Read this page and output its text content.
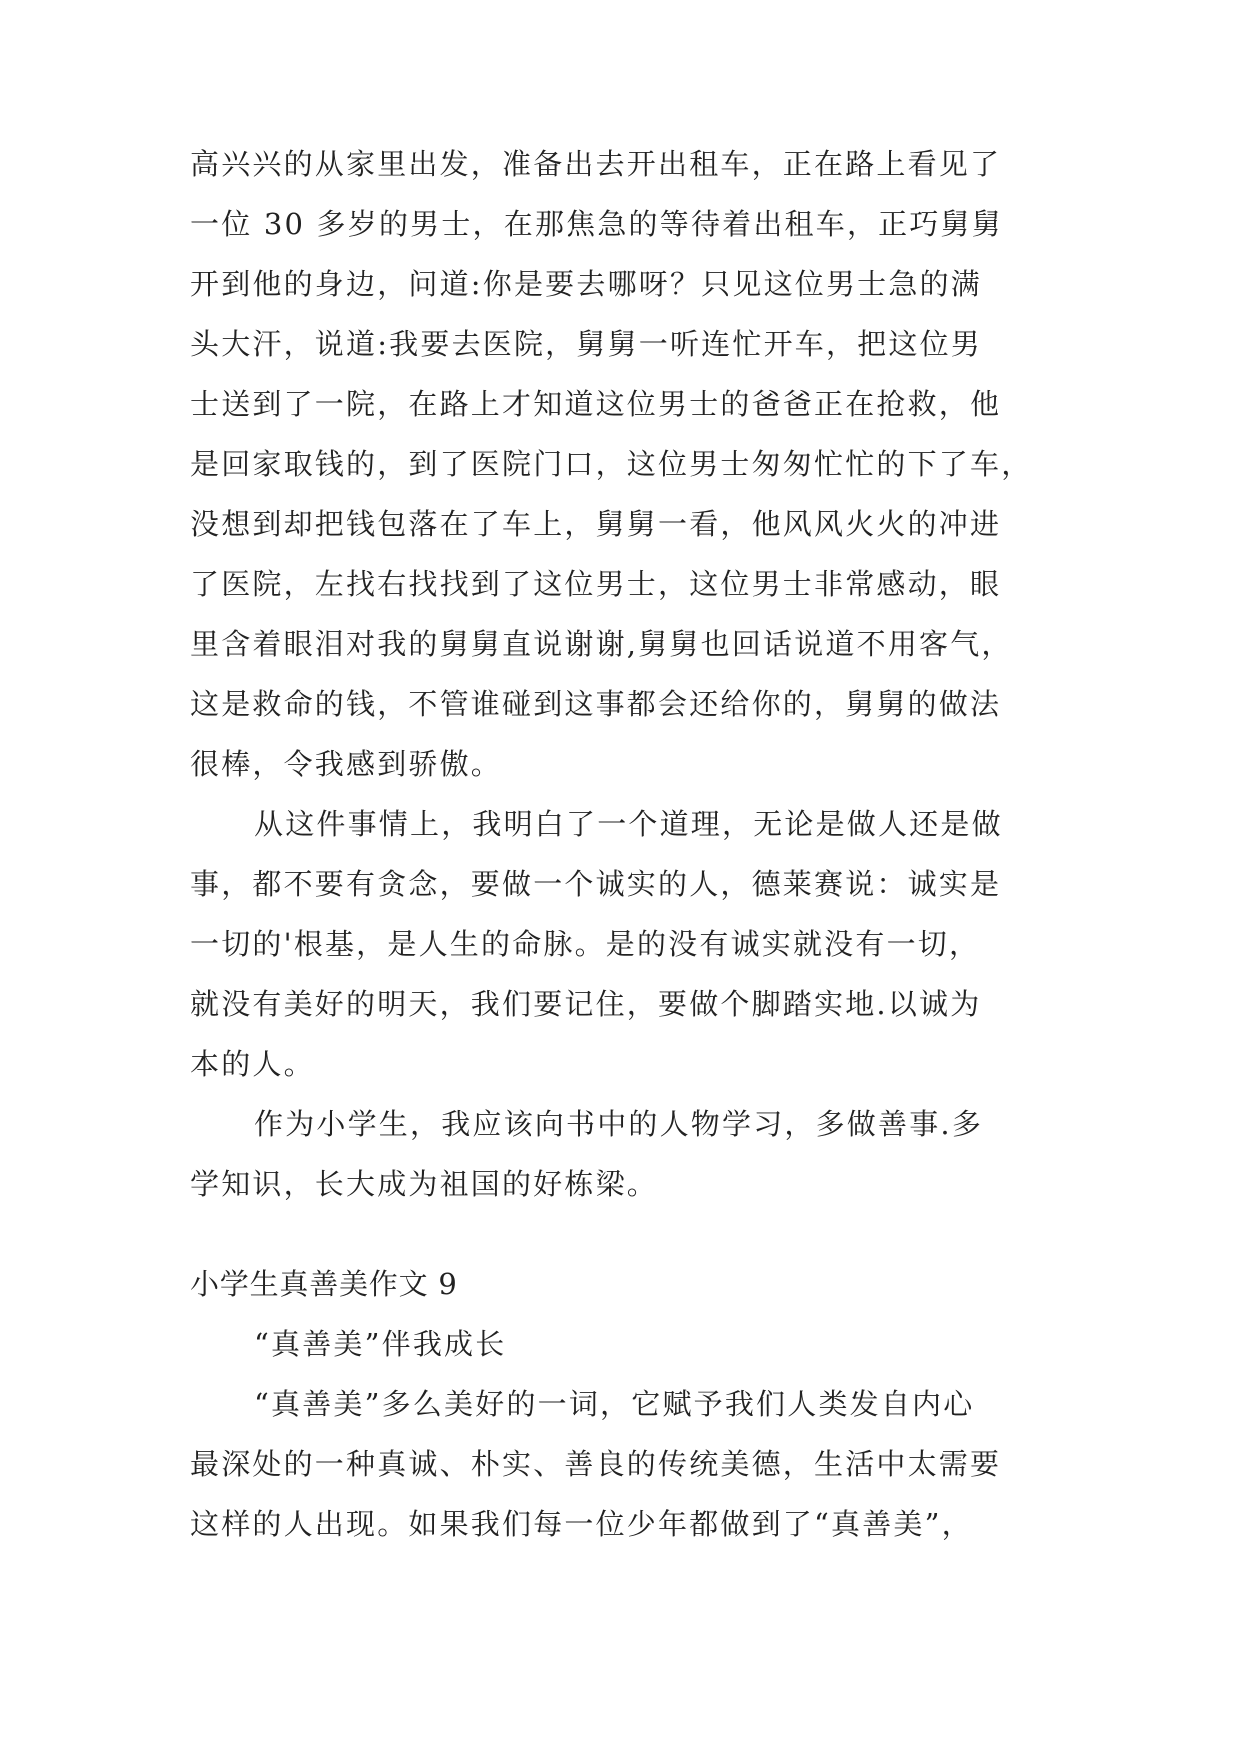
高兴兴的从家里出发，准备出去开出租车，正在路上看见了
一位 30 多岁的男士，在那焦急的等待着出租车，正巧舅舅
开到他的身边，问道:你是要去哪呀？只见这位男士急的满
头大汗，说道:我要去医院，舅舅一听连忙开车，把这位男
士送到了一院，在路上才知道这位男士的爸爸正在抢救，他
是回家取钱的，到了医院门口，这位男士匆匆忙忙的下了车，
没想到却把钱包落在了车上，舅舅一看，他风风火火的冲进
了医院，左找右找找到了这位男士，这位男士非常感动，眼
里含着眼泪对我的舅舅直说谢谢,舅舅也回话说道不用客气，
这是救命的钱，不管谁碰到这事都会还给你的，舅舅的做法
很棒，令我感到骄傲。
从这件事情上，我明白了一个道理，无论是做人还是做
事，都不要有贪念，要做一个诚实的人，德莱赛说：诚实是
一切的'根基，是人生的命脉。是的没有诚实就没有一切，
就没有美好的明天，我们要记住，要做个脚踏实地.以诚为
本的人。
作为小学生，我应该向书中的人物学习，多做善事.多
学知识，长大成为祖国的好栋梁。
小学生真善美作文 9
“真善美”伴我成长
“真善美”多么美好的一词，它赋予我们人类发自内心
最深处的一种真诚、朴实、善良的传统美德，生活中太需要
这样的人出现。如果我们每一位少年都做到了“真善美”，
